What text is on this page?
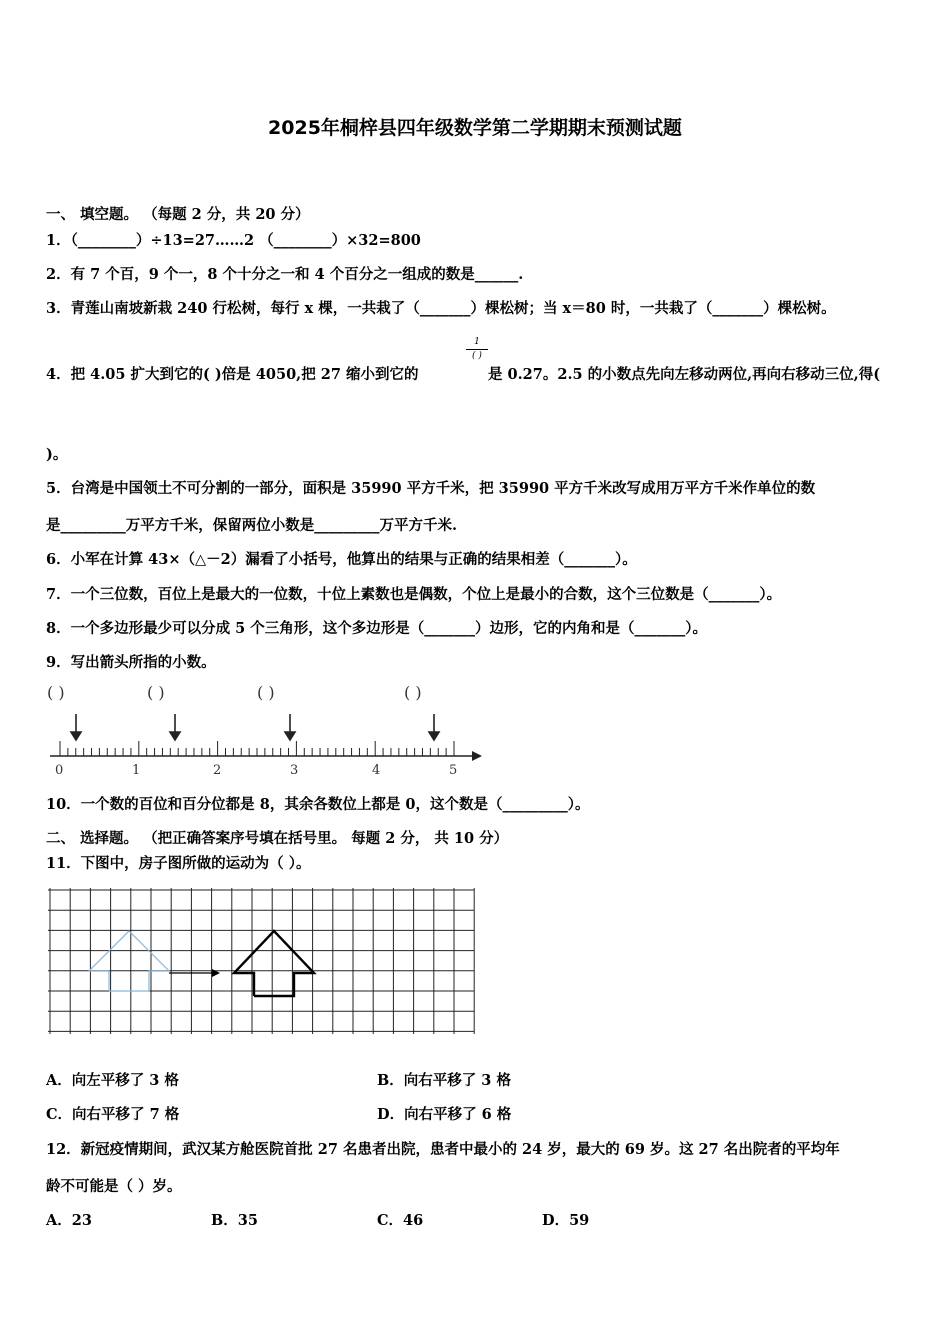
2025年桐梓县四年级数学第二学期期末预测试题
一、 填空题。 （每题 2 分，共 20 分）
1．（________）÷13=27……2 （________）×32=800
2．有 7 个百，9 个一，8 个十分之一和 4 个百分之一组成的数是______.
3．青莲山南坡新栽 240 行松树，每行 x 棵，一共栽了（_______）棵松树；当 x＝80 时，一共栽了（_______）棵松树。
4．把 4.05 扩大到它的( )倍是 4050,把 27 缩小到它的
1
( )
是 0.27。2.5 的小数点先向左移动两位,再向右移动三位,得(
)。
5．台湾是中国领土不可分割的一部分，面积是 35990 平方千米，把 35990 平方千米改写成用万平方千米作单位的数
是_________万平方千米，保留两位小数是_________万平方千米.
6．小军在计算 43×（△－2）漏看了小括号，他算出的结果与正确的结果相差（_______）。
7．一个三位数，百位上是最大的一位数，十位上素数也是偶数，个位上是最小的合数，这个三位数是（_______）。
8．一个多边形最少可以分成 5 个三角形，这个多边形是（_______）边形，它的内角和是（_______）。
9．写出箭头所指的小数。
( )	( )	( )	( )
0	1	2	3	4	5
10．一个数的百位和百分位都是 8，其余各数位上都是 0，这个数是（_________）。
二、 选择题。 （把正确答案序号填在括号里。 每题 2 分， 共 10 分）
11．下图中，房子图所做的运动为（ ）。
A．向左平移了 3 格	B．向右平移了 3 格
C．向右平移了 7 格	D．向右平移了 6 格
12．新冠疫情期间，武汉某方舱医院首批 27 名患者出院，患者中最小的 24 岁，最大的 69 岁。这 27 名出院者的平均年
龄不可能是（ ）岁。
A．23	B．35	C．46	D．59
